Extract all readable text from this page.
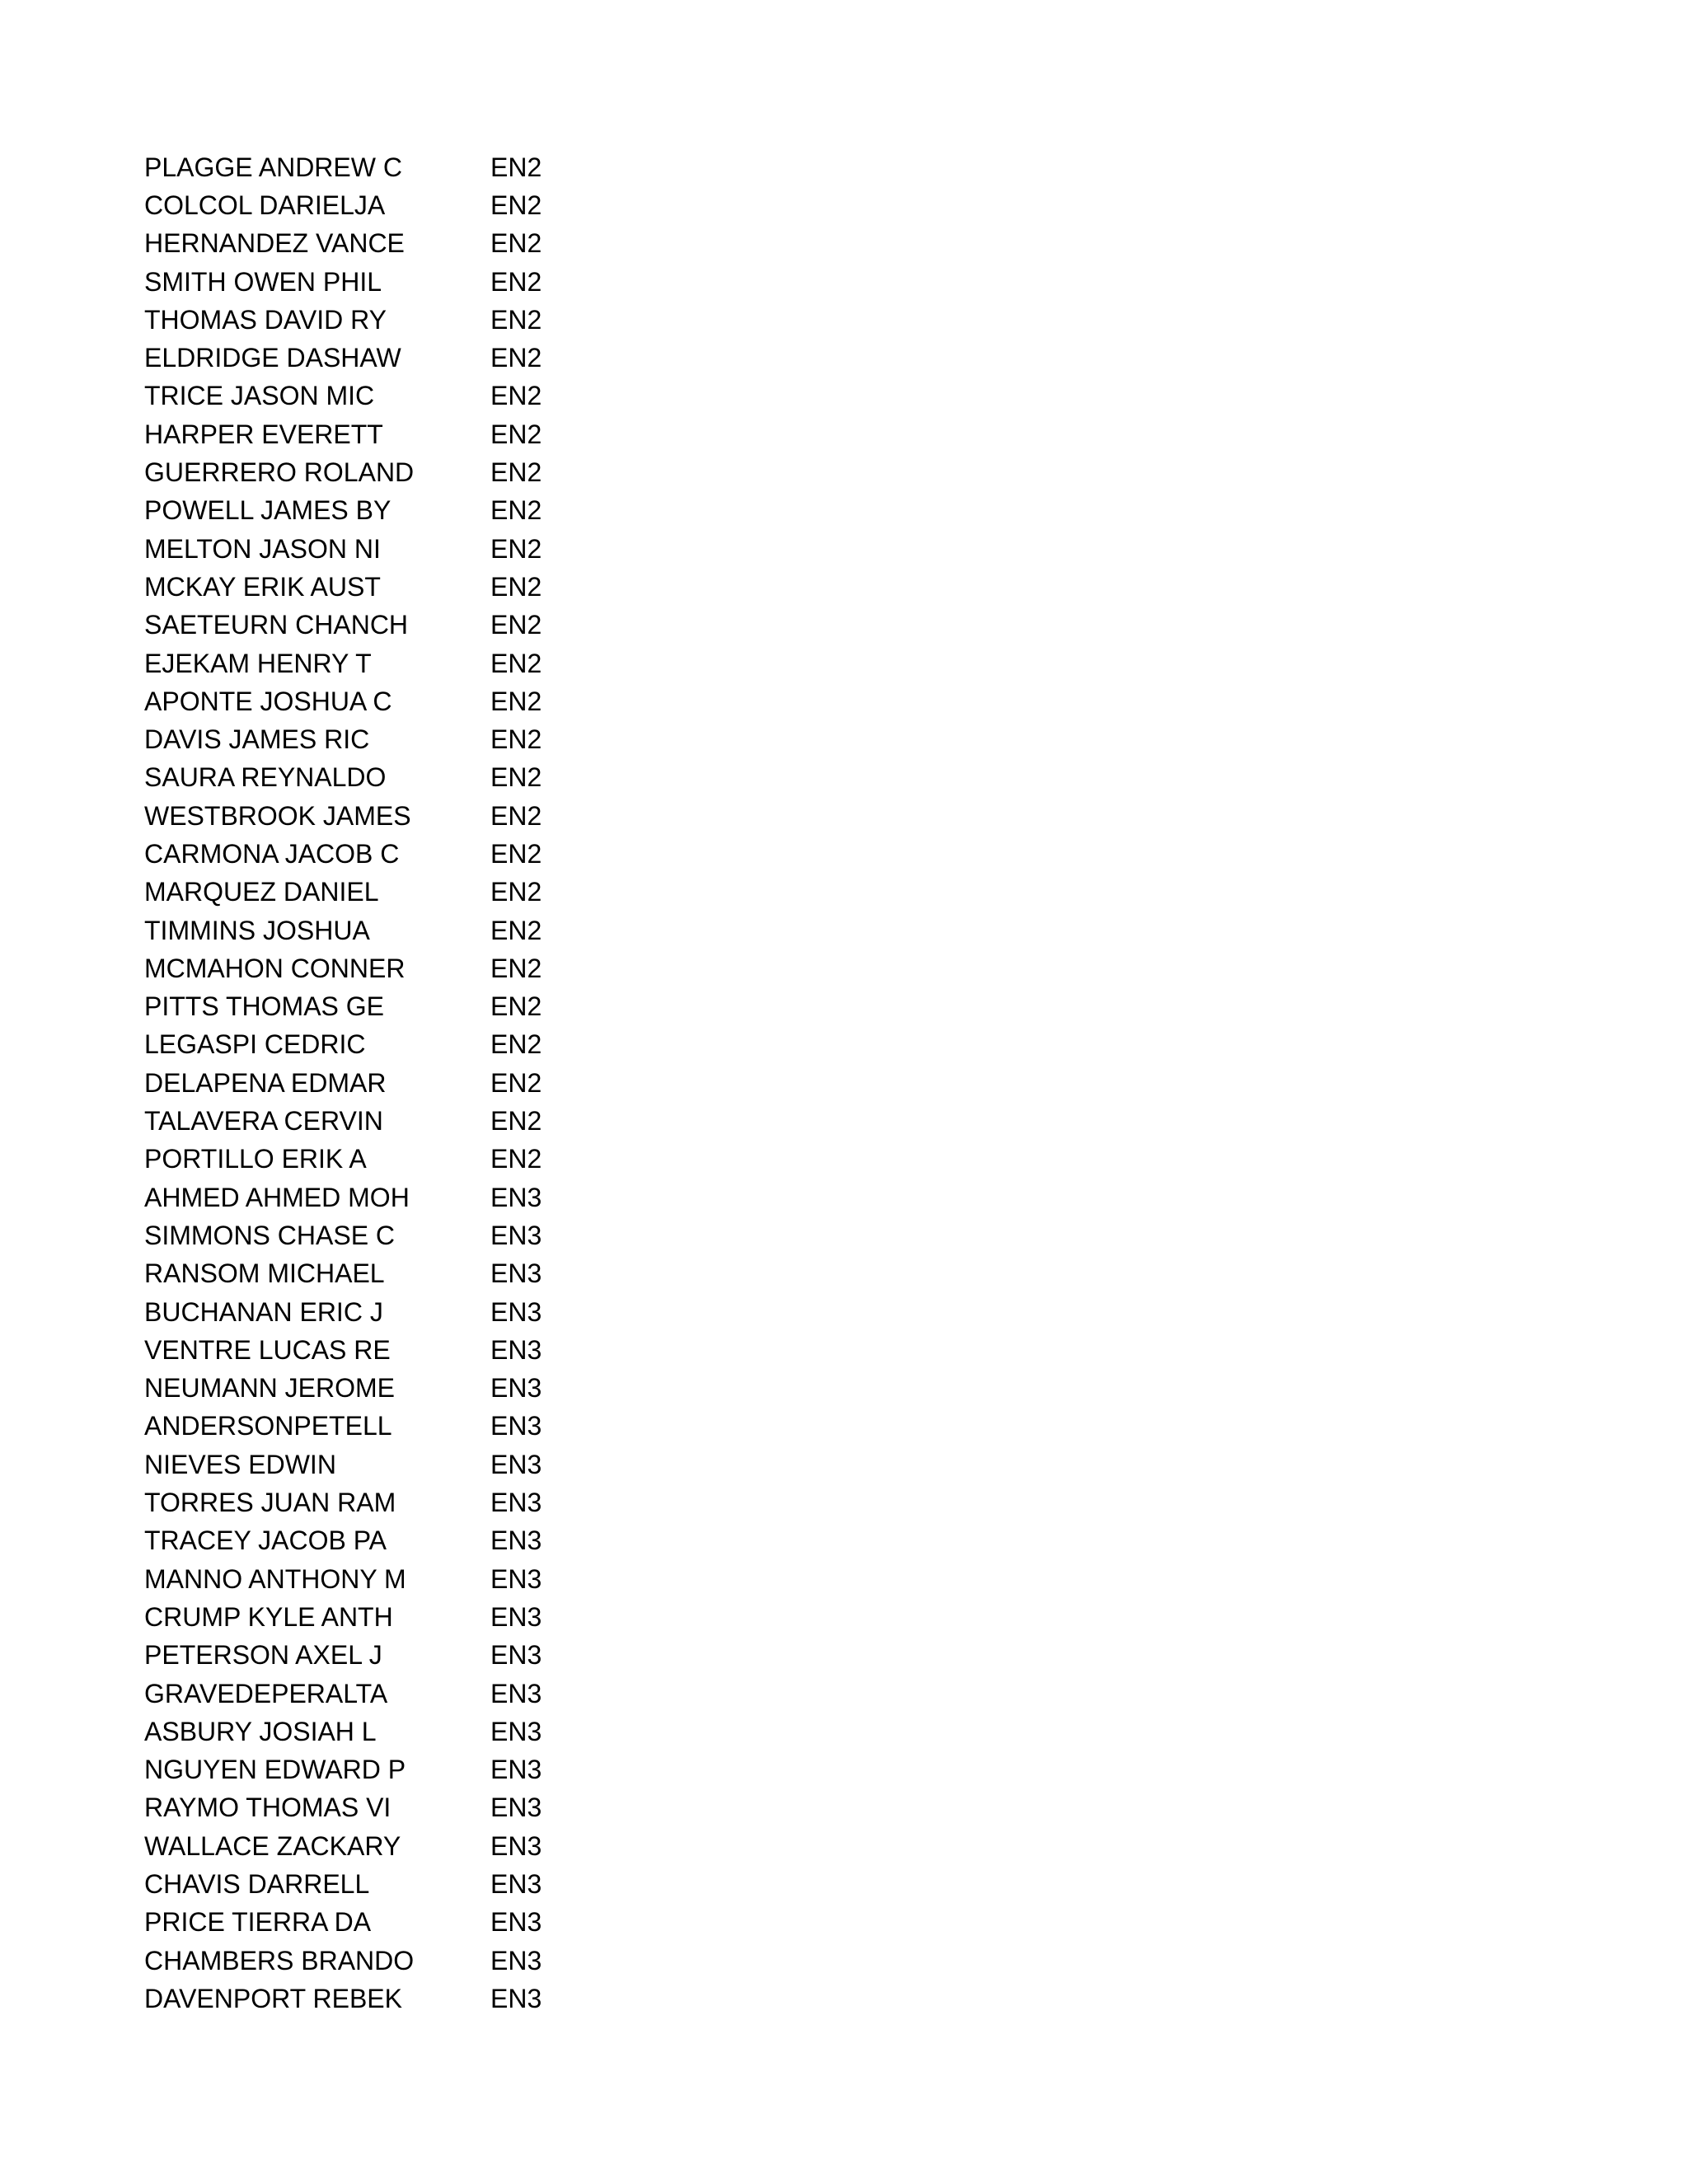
PLAGGE ANDREW C	EN2
COLCOL DARIELJA	EN2
HERNANDEZ VANCE	EN2
SMITH OWEN PHIL	EN2
THOMAS DAVID RY	EN2
ELDRIDGE DASHAW	EN2
TRICE JASON MIC	EN2
HARPER EVERETT	EN2
GUERRERO ROLAND	EN2
POWELL JAMES BY	EN2
MELTON JASON NI	EN2
MCKAY ERIK AUST	EN2
SAETEURN CHANCH	EN2
EJEKAM HENRY T	EN2
APONTE JOSHUA C	EN2
DAVIS JAMES RIC	EN2
SAURA REYNALDO	EN2
WESTBROOK JAMES	EN2
CARMONA JACOB C	EN2
MARQUEZ DANIEL	EN2
TIMMINS JOSHUA	EN2
MCMAHON CONNER	EN2
PITTS THOMAS GE	EN2
LEGASPI CEDRIC	EN2
DELAPENA EDMAR	EN2
TALAVERA CERVIN	EN2
PORTILLO ERIK A	EN2
AHMED AHMED MOH	EN3
SIMMONS CHASE C	EN3
RANSOM MICHAEL	EN3
BUCHANAN ERIC J	EN3
VENTRE LUCAS RE	EN3
NEUMANN JEROME	EN3
ANDERSONPETELL	EN3
NIEVES EDWIN	EN3
TORRES JUAN RAM	EN3
TRACEY JACOB PA	EN3
MANNO ANTHONY M	EN3
CRUMP KYLE ANTH	EN3
PETERSON AXEL J	EN3
GRAVEDEPERALTA	EN3
ASBURY JOSIAH L	EN3
NGUYEN EDWARD P	EN3
RAYMO THOMAS VI	EN3
WALLACE ZACKARY	EN3
CHAVIS DARRELL	EN3
PRICE TIERRA DA	EN3
CHAMBERS BRANDO	EN3
DAVENPORT REBEK	EN3
